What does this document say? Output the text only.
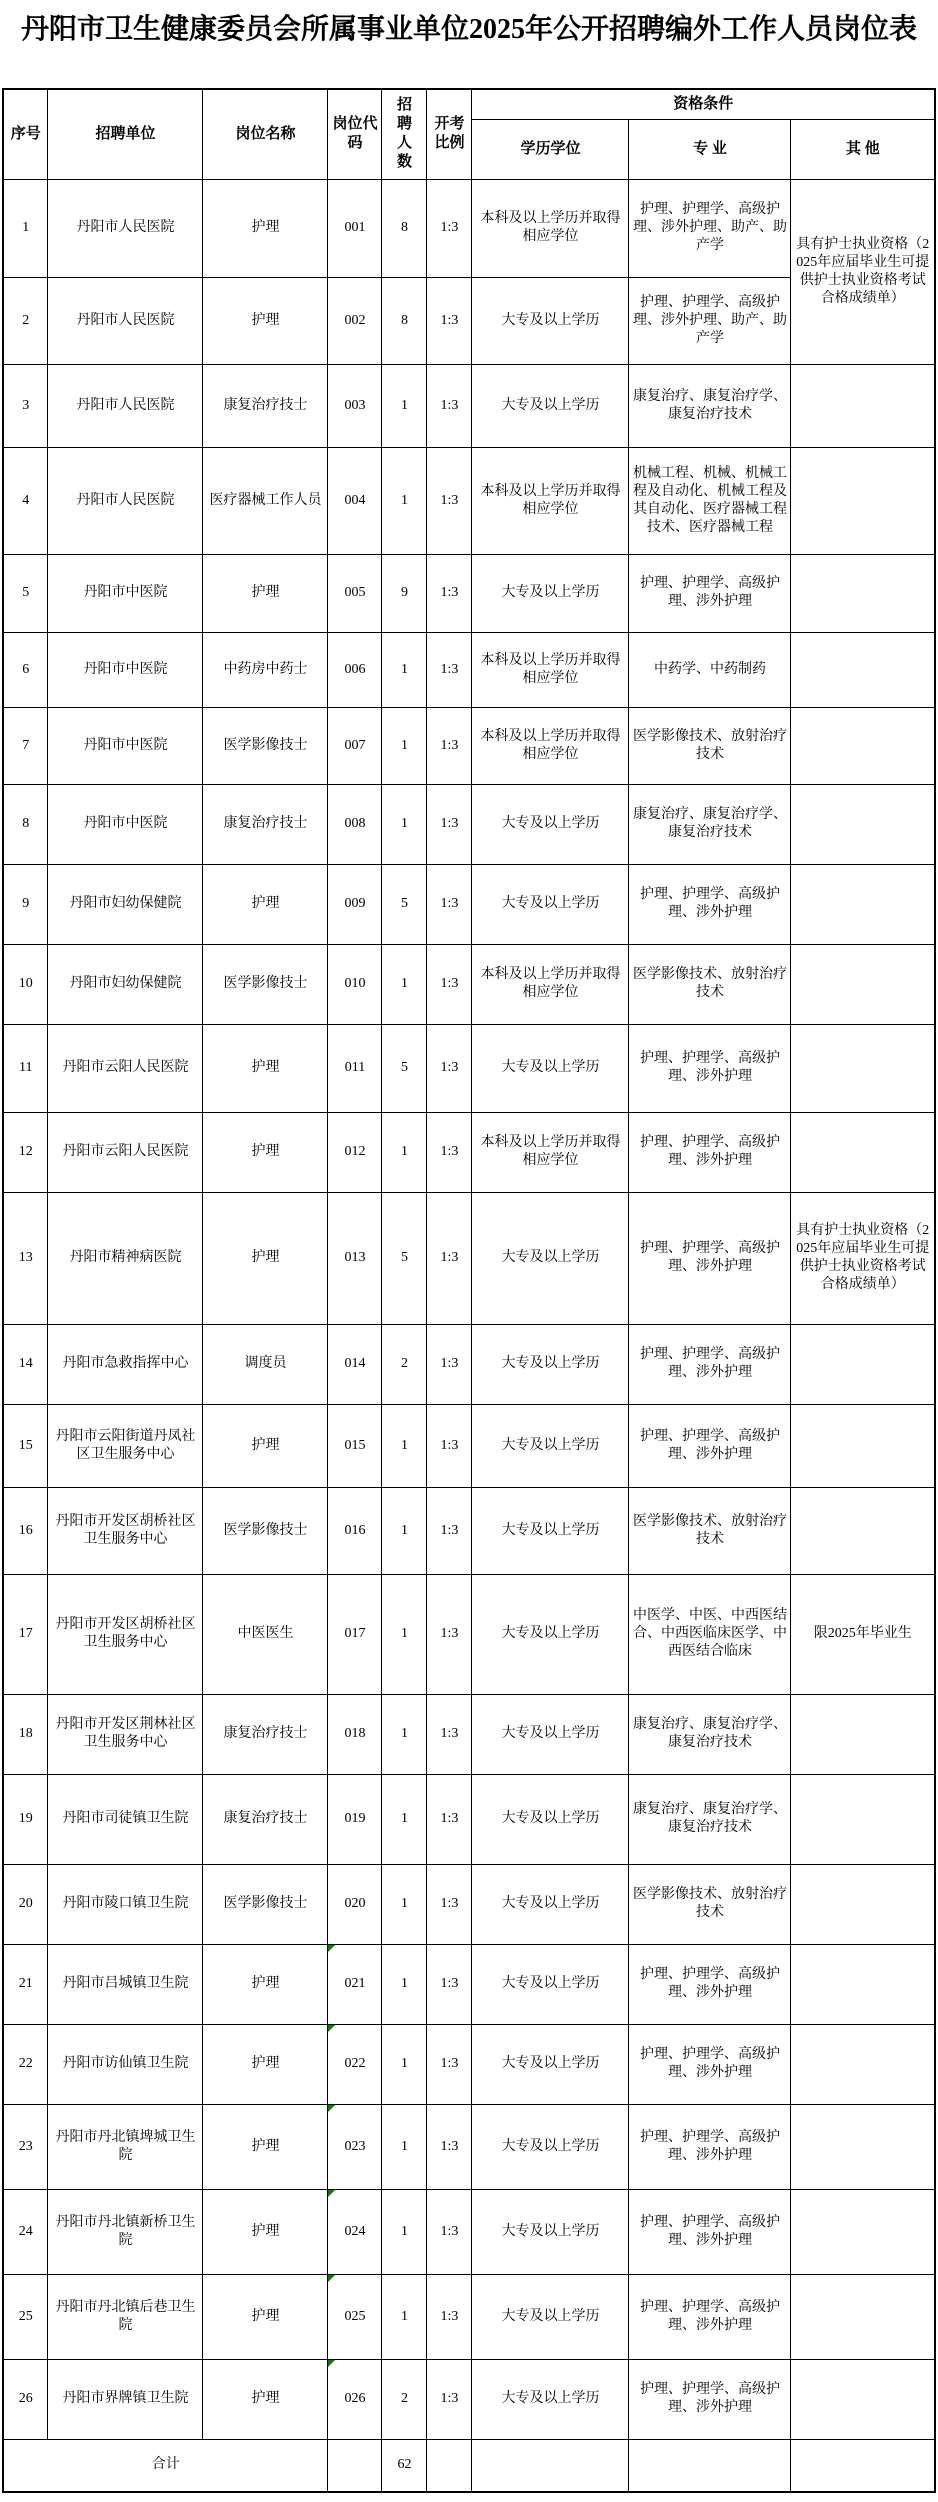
丹阳市卫生健康委员会所属事业单位2025年公开招聘编外工作人员岗位表
序号	招聘单位	岗位名称	岗位代码	招聘人数	开考比例	资格条件		
						学历学位	专 业	其 他
1	丹阳市人民医院	护理	001	8	1:3	本科及以上学历并取得相应学位	护理、护理学、高级护理、涉外护理、助产、助产学	具有护士执业资格（2025年应届毕业生可提供护士执业资格考试合格成绩单）
2	丹阳市人民医院	护理	002	8	1:3	大专及以上学历	护理、护理学、高级护理、涉外护理、助产、助产学	
3	丹阳市人民医院	康复治疗技士	003	1	1:3	大专及以上学历	康复治疗、康复治疗学、康复治疗技术	
4	丹阳市人民医院	医疗器械工作人员	004	1	1:3	本科及以上学历并取得相应学位	机械工程、机械、机械工程及自动化、机械工程及其自动化、医疗器械工程技术、医疗器械工程	
5	丹阳市中医院	护理	005	9	1:3	大专及以上学历	护理、护理学、高级护理、涉外护理	
6	丹阳市中医院	中药房中药士	006	1	1:3	本科及以上学历并取得相应学位	中药学、中药制药	
7	丹阳市中医院	医学影像技士	007	1	1:3	本科及以上学历并取得相应学位	医学影像技术、放射治疗技术	
8	丹阳市中医院	康复治疗技士	008	1	1:3	大专及以上学历	康复治疗、康复治疗学、康复治疗技术	
9	丹阳市妇幼保健院	护理	009	5	1:3	大专及以上学历	护理、护理学、高级护理、涉外护理	
10	丹阳市妇幼保健院	医学影像技士	010	1	1:3	本科及以上学历并取得相应学位	医学影像技术、放射治疗技术	
11	丹阳市云阳人民医院	护理	011	5	1:3	大专及以上学历	护理、护理学、高级护理、涉外护理	
12	丹阳市云阳人民医院	护理	012	1	1:3	本科及以上学历并取得相应学位	护理、护理学、高级护理、涉外护理	
13	丹阳市精神病医院	护理	013	5	1:3	大专及以上学历	护理、护理学、高级护理、涉外护理	具有护士执业资格（2025年应届毕业生可提供护士执业资格考试合格成绩单）
14	丹阳市急救指挥中心	调度员	014	2	1:3	大专及以上学历	护理、护理学、高级护理、涉外护理	
15	丹阳市云阳街道丹凤社区卫生服务中心	护理	015	1	1:3	大专及以上学历	护理、护理学、高级护理、涉外护理	
16	丹阳市开发区胡桥社区卫生服务中心	医学影像技士	016	1	1:3	大专及以上学历	医学影像技术、放射治疗技术	
17	丹阳市开发区胡桥社区卫生服务中心	中医医生	017	1	1:3	大专及以上学历	中医学、中医、中西医结合、中西医临床医学、中西医结合临床	限2025年毕业生
18	丹阳市开发区荆林社区卫生服务中心	康复治疗技士	018	1	1:3	大专及以上学历	康复治疗、康复治疗学、康复治疗技术	
19	丹阳市司徒镇卫生院	康复治疗技士	019	1	1:3	大专及以上学历	康复治疗、康复治疗学、康复治疗技术	
20	丹阳市陵口镇卫生院	医学影像技士	020	1	1:3	大专及以上学历	医学影像技术、放射治疗技术	
21	丹阳市吕城镇卫生院	护理	021	1	1:3	大专及以上学历	护理、护理学、高级护理、涉外护理	
22	丹阳市访仙镇卫生院	护理	022	1	1:3	大专及以上学历	护理、护理学、高级护理、涉外护理	
23	丹阳市丹北镇埤城卫生院	护理	023	1	1:3	大专及以上学历	护理、护理学、高级护理、涉外护理	
24	丹阳市丹北镇新桥卫生院	护理	024	1	1:3	大专及以上学历	护理、护理学、高级护理、涉外护理	
25	丹阳市丹北镇后巷卫生院	护理	025	1	1:3	大专及以上学历	护理、护理学、高级护理、涉外护理	
26	丹阳市界牌镇卫生院	护理	026	2	1:3	大专及以上学历	护理、护理学、高级护理、涉外护理	
合计				62				
